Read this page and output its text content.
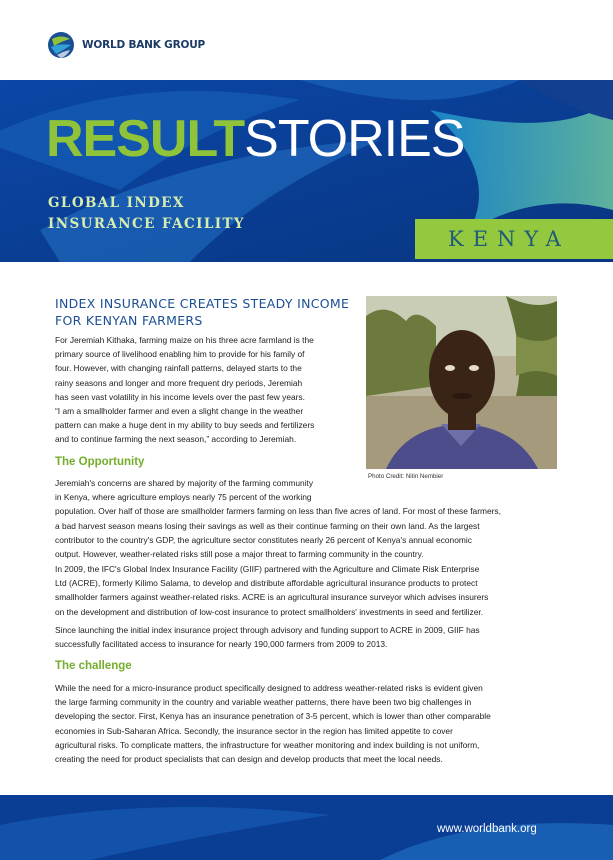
WORLD BANK GROUP
RESULTSTORIES
GLOBAL INDEX
INSURANCE FACILITY
KENYA
INDEX INSURANCE CREATES STEADY INCOME FOR KENYAN FARMERS
For Jeremiah Kithaka, farming maize on his three acre farmland is the
primary source of livelihood enabling him to provide for his family of
four. However, with changing rainfall patterns, delayed starts to the
rainy seasons and longer and more frequent dry periods, Jeremiah
has seen vast volatility in his income levels over the past few years.
“I am a smallholder farmer and even a slight change in the weather
pattern can make a huge dent in my ability to buy seeds and fertilizers
and to continue farming the next season,” according to Jeremiah.
Photo Credit: Nitin Nembier
The Opportunity
Jeremiah's concerns are shared by majority of the farming community
in Kenya, where agriculture employs nearly 75 percent of the working
population. Over half of those are smallholder farmers farming on less than five acres of land. For most of these farmers,
a bad harvest season means losing their savings as well as their continue farming on their own land. As the largest
contributor to the country's GDP, the agriculture sector constitutes nearly 26 percent of Kenya's annual economic
output. However, weather-related risks still pose a major threat to farming community in the country.
In 2009, the IFC's Global Index Insurance Facility (GIIF) partnered with the Agriculture and Climate Risk Enterprise
Ltd (ACRE), formerly Kilimo Salama, to develop and distribute affordable agricultural insurance products to protect
smallholder farmers against weather-related risks. ACRE is an agricultural insurance surveyor which advises insurers
on the development and distribution of low-cost insurance to protect smallholders' investments in seed and fertilizer.
Since launching the initial index insurance project through advisory and funding support to ACRE in 2009, GIIF has
successfully facilitated access to insurance for nearly 190,000 farmers from 2009 to 2013.
The challenge
While the need for a micro-insurance product specifically designed to address weather-related risks is evident given
the large farming community in the country and variable weather patterns, there have been two big challenges in
developing the sector. First, Kenya has an insurance penetration of 3-5 percent, which is lower than other comparable
economies in Sub-Saharan Africa. Secondly, the insurance sector in the region has limited appetite to cover
agricultural risks. To complicate matters, the infrastructure for weather monitoring and index building is not uniform,
creating the need for product specialists that can design and develop products that meet the local needs.
www.worldbank.org
